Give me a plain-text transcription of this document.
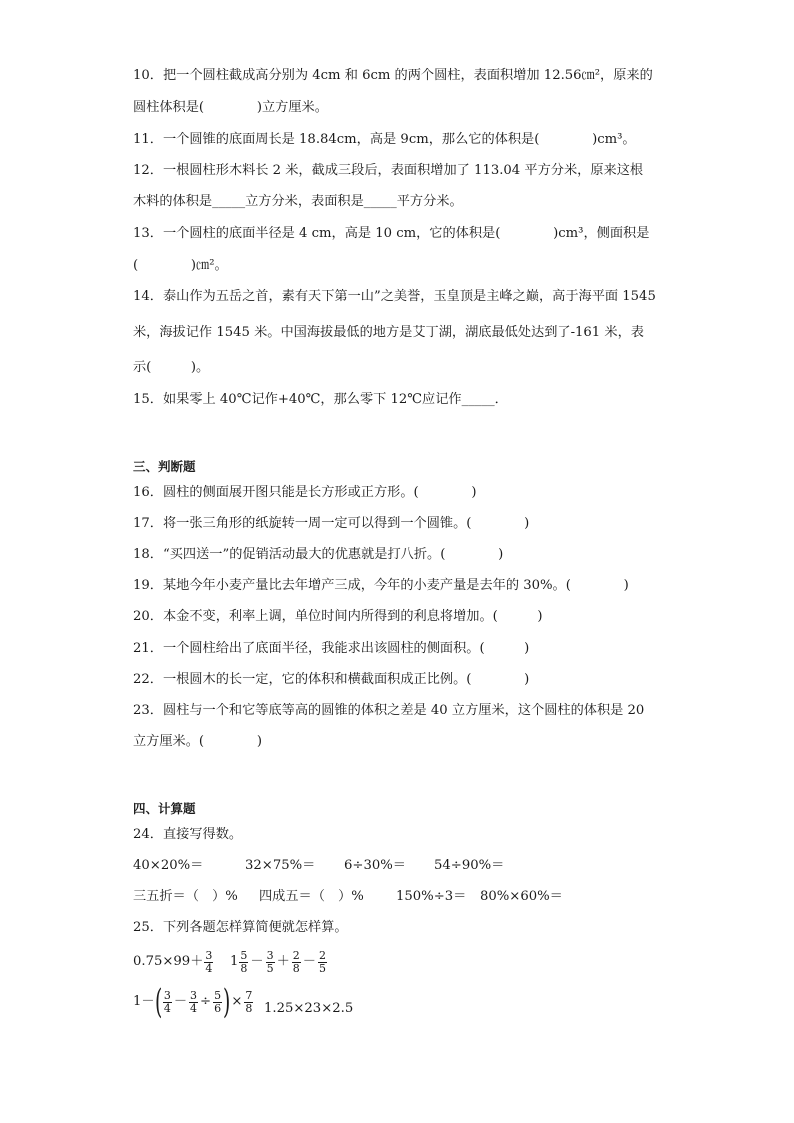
10．把一个圆柱截成高分别为 4cm 和 6cm 的两个圆柱，表面积增加 12.56㎝²，原来的
圆柱体积是(　　　　)立方厘米。
11．一个圆锥的底面周长是 18.84cm，高是 9cm，那么它的体积是(　　　　)cm³。
12．一根圆柱形木料长 2 米，截成三段后，表面积增加了 113.04 平方分米，原来这根
木料的体积是_____立方分米，表面积是_____平方分米。
13．一个圆柱的底面半径是 4 cm，高是 10 cm，它的体积是(　　　　)cm³，侧面积是
(　　　　)㎝²。
14．泰山作为五岳之首，素有天下第一山”之美誉，玉皇顶是主峰之巅，高于海平面 1545
米，海拔记作 1545 米。中国海拔最低的地方是艾丁湖，湖底最低处达到了-161 米，表
示(　　　)。
15．如果零上 40℃记作+40℃，那么零下 12℃应记作_____．
三、判断题
16．圆柱的侧面展开图只能是长方形或正方形。(　　　　)
17．将一张三角形的纸旋转一周一定可以得到一个圆锥。(　　　　)
18．“买四送一”的促销活动最大的优惠就是打八折。(　　　　)
19．某地今年小麦产量比去年增产三成，今年的小麦产量是去年的 30%。(　　　　)
20．本金不变，利率上调，单位时间内所得到的利息将增加。(　　　)
21．一个圆柱给出了底面半径，我能求出该圆柱的侧面积。(　　　)
22．一根圆木的长一定，它的体积和横截面积成正比例。(　　　　)
23．圆柱与一个和它等底等高的圆锥的体积之差是 40 立方厘米，这个圆柱的体积是 20
立方厘米。(　　　　)
四、计算题
24．直接写得数。
40×20%＝	32×75%＝ 6÷30%＝ 54÷90%＝
三五折＝（　）% 四成五＝（　）% 150%÷3＝ 80%×60%＝
25．下列各题怎样算简便就怎样算。
$0.75\times 99+ \frac{3}{4} 1 \frac{5}{8} - \frac{3}{5} + \frac{2}{8} - \frac{2}{5}$
1－ ( $\frac{3}{4} - \frac{3}{4} \div \frac{5}{6}$ ) × $\frac{7}{8} 1.25\times 23\times 2.5$
